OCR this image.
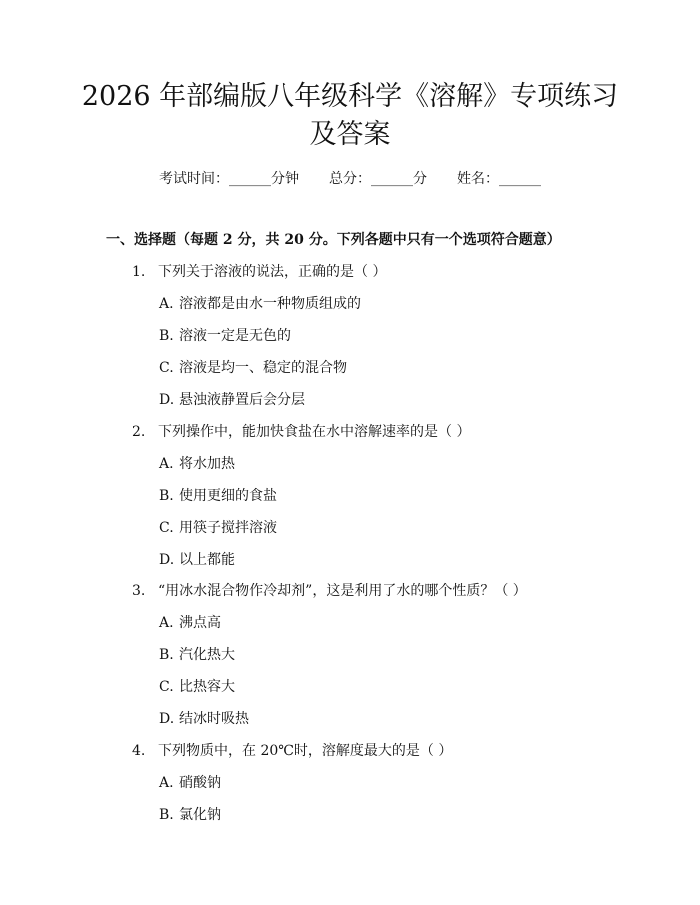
2026 年部编版八年级科学《溶解》专项练习
及答案
考试时间：______分钟 总分：______分 姓名：______
一、选择题（每题 2 分，共 20 分。下列各题中只有一个选项符合题意）
1. 下列关于溶液的说法，正确的是（ ）
A. 溶液都是由水一种物质组成的
B. 溶液一定是无色的
C. 溶液是均一、稳定的混合物
D. 悬浊液静置后会分层
2. 下列操作中，能加快食盐在水中溶解速率的是（ ）
A. 将水加热
B. 使用更细的食盐
C. 用筷子搅拌溶液
D. 以上都能
3. “用冰水混合物作冷却剂”，这是利用了水的哪个性质？（ ）
A. 沸点高
B. 汽化热大
C. 比热容大
D. 结冰时吸热
4. 下列物质中，在 20℃时，溶解度最大的是（ ）
A. 硝酸钠
B. 氯化钠
